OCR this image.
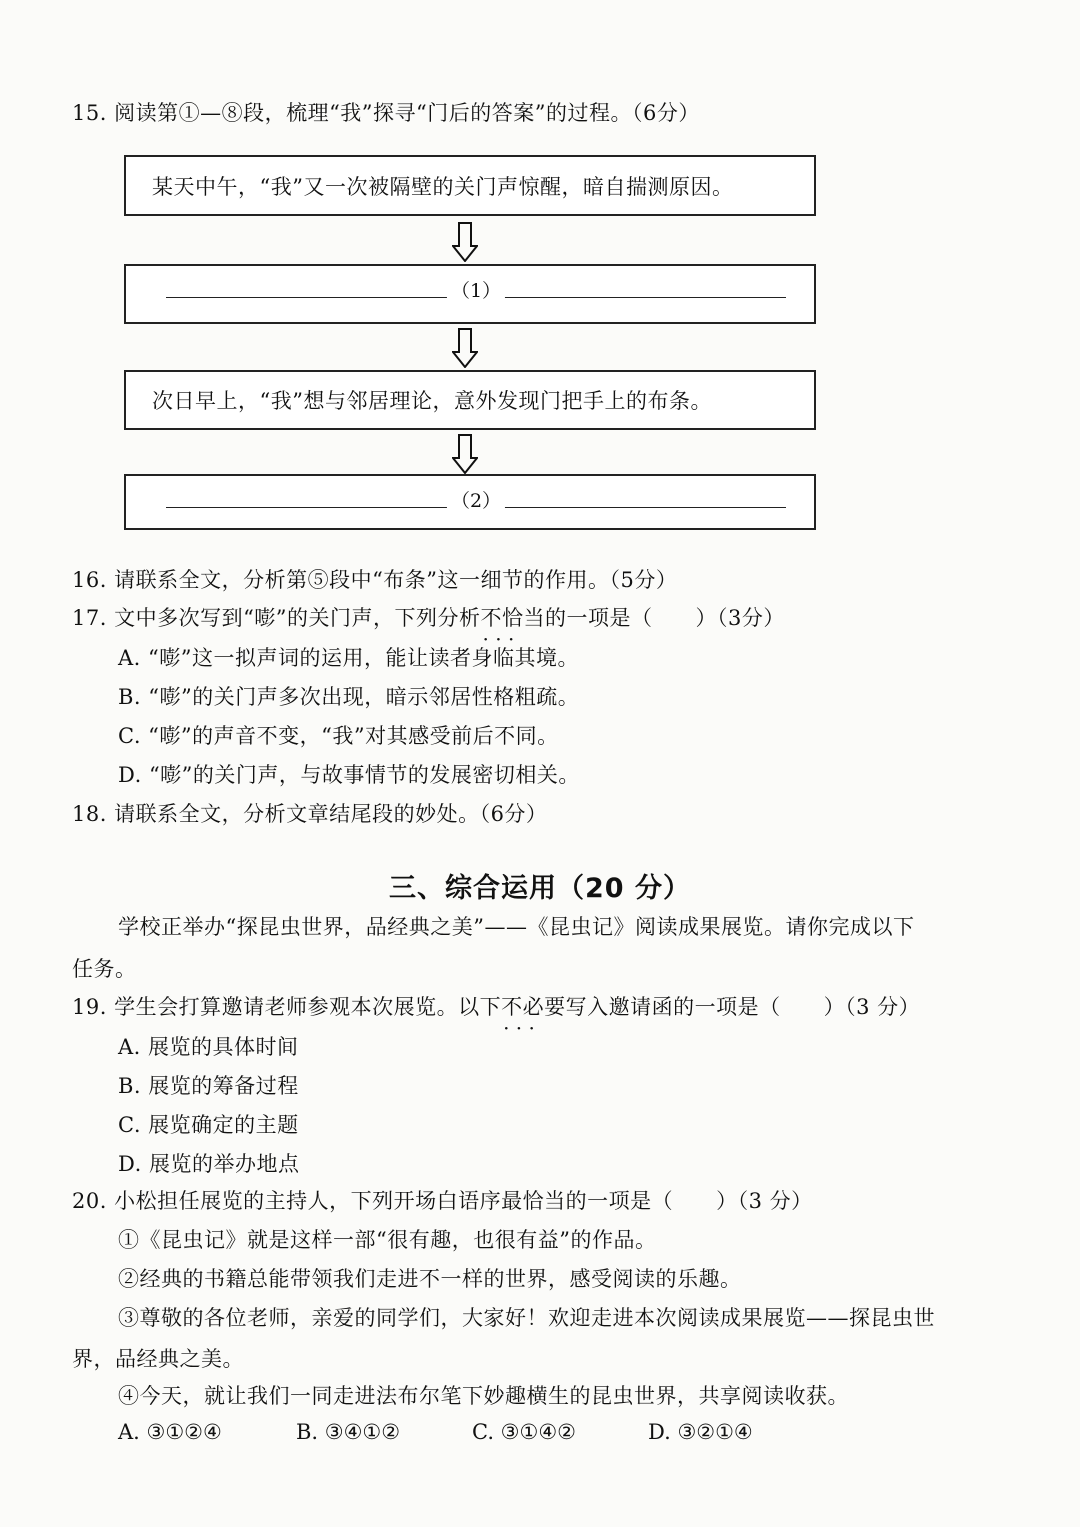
15. 阅读第①—⑧段，梳理“我”探寻“门后的答案”的过程。（6分）
某天中午，“我”又一次被隔壁的关门声惊醒，暗自揣测原因。
（1）
次日早上，“我”想与邻居理论，意外发现门把手上的布条。
（2）
16. 请联系全文，分析第⑤段中“布条”这一细节的作用。（5分）
17. 文中多次写到“嘭”的关门声，下列分析不恰当 · · ·的一项是（　　）（3分）
A. “嘭”这一拟声词的运用，能让读者身临其境。
B. “嘭”的关门声多次出现，暗示邻居性格粗疏。
C. “嘭”的声音不变，“我”对其感受前后不同。
D. “嘭”的关门声，与故事情节的发展密切相关。
18. 请联系全文，分析文章结尾段的妙处。（6分）
三、综合运用（20 分）
学校正举办“探昆虫世界，品经典之美”——《昆虫记》阅读成果展览。请你完成以下
任务。
19. 学生会打算邀请老师参观本次展览。以下不必要 · · ·写入邀请函的一项是（　　）（3 分）
A. 展览的具体时间
B. 展览的筹备过程
C. 展览确定的主题
D. 展览的举办地点
20. 小松担任展览的主持人，下列开场白语序最恰当的一项是（　　）（3 分）
①《昆虫记》就是这样一部“很有趣，也很有益”的作品。
②经典的书籍总能带领我们走进不一样的世界，感受阅读的乐趣。
③尊敬的各位老师，亲爱的同学们，大家好！欢迎走进本次阅读成果展览——探昆虫世
界，品经典之美。
④今天，就让我们一同走进法布尔笔下妙趣横生的昆虫世界，共享阅读收获。
A. ③①②④	B. ③④①②	C. ③①④②	D. ③②①④
